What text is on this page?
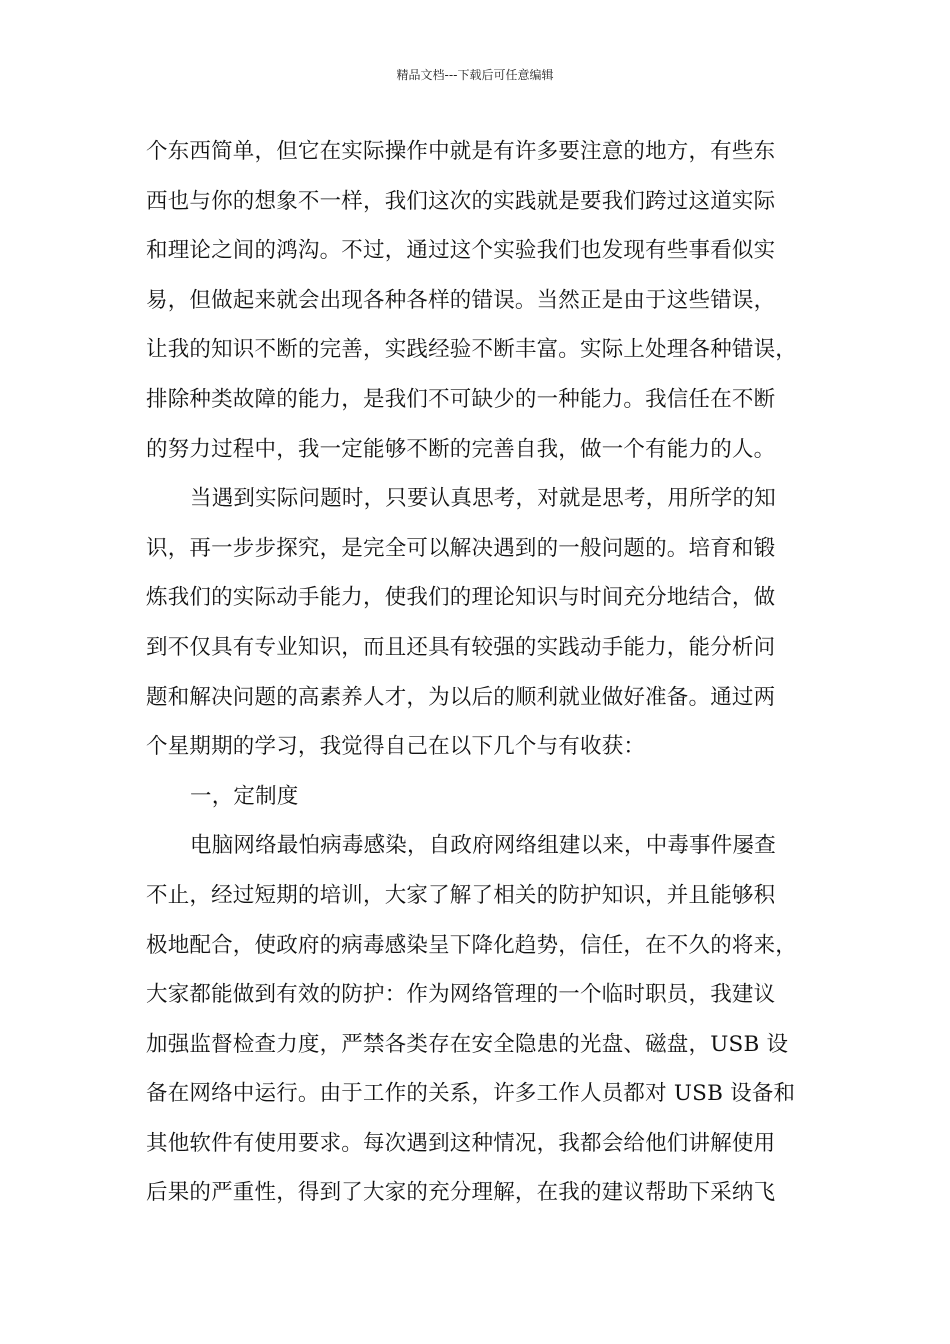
精品文档---下载后可任意编辑
个东西简单，但它在实际操作中就是有许多要注意的地方，有些东
西也与你的想象不一样，我们这次的实践就是要我们跨过这道实际
和理论之间的鸿沟。不过，通过这个实验我们也发现有些事看似实
易，但做起来就会出现各种各样的错误。当然正是由于这些错误，
让我的知识不断的完善，实践经验不断丰富。实际上处理各种错误，
排除种类故障的能力，是我们不可缺少的一种能力。我信任在不断
的努力过程中，我一定能够不断的完善自我，做一个有能力的人。
当遇到实际问题时，只要认真思考，对就是思考，用所学的知
识，再一步步探究，是完全可以解决遇到的一般问题的。培育和锻
炼我们的实际动手能力，使我们的理论知识与时间充分地结合，做
到不仅具有专业知识，而且还具有较强的实践动手能力，能分析问
题和解决问题的高素养人才，为以后的顺利就业做好准备。通过两
个星期期的学习，我觉得自己在以下几个与有收获：
一，定制度
电脑网络最怕病毒感染，自政府网络组建以来，中毒事件屡查
不止，经过短期的培训，大家了解了相关的防护知识，并且能够积
极地配合，使政府的病毒感染呈下降化趋势，信任，在不久的将来，
大家都能做到有效的防护：作为网络管理的一个临时职员，我建议
加强监督检查力度，严禁各类存在安全隐患的光盘、磁盘，USB 设
备在网络中运行。由于工作的关系，许多工作人员都对 USB 设备和
其他软件有使用要求。每次遇到这种情况，我都会给他们讲解使用
后果的严重性，得到了大家的充分理解，在我的建议帮助下采纳飞
